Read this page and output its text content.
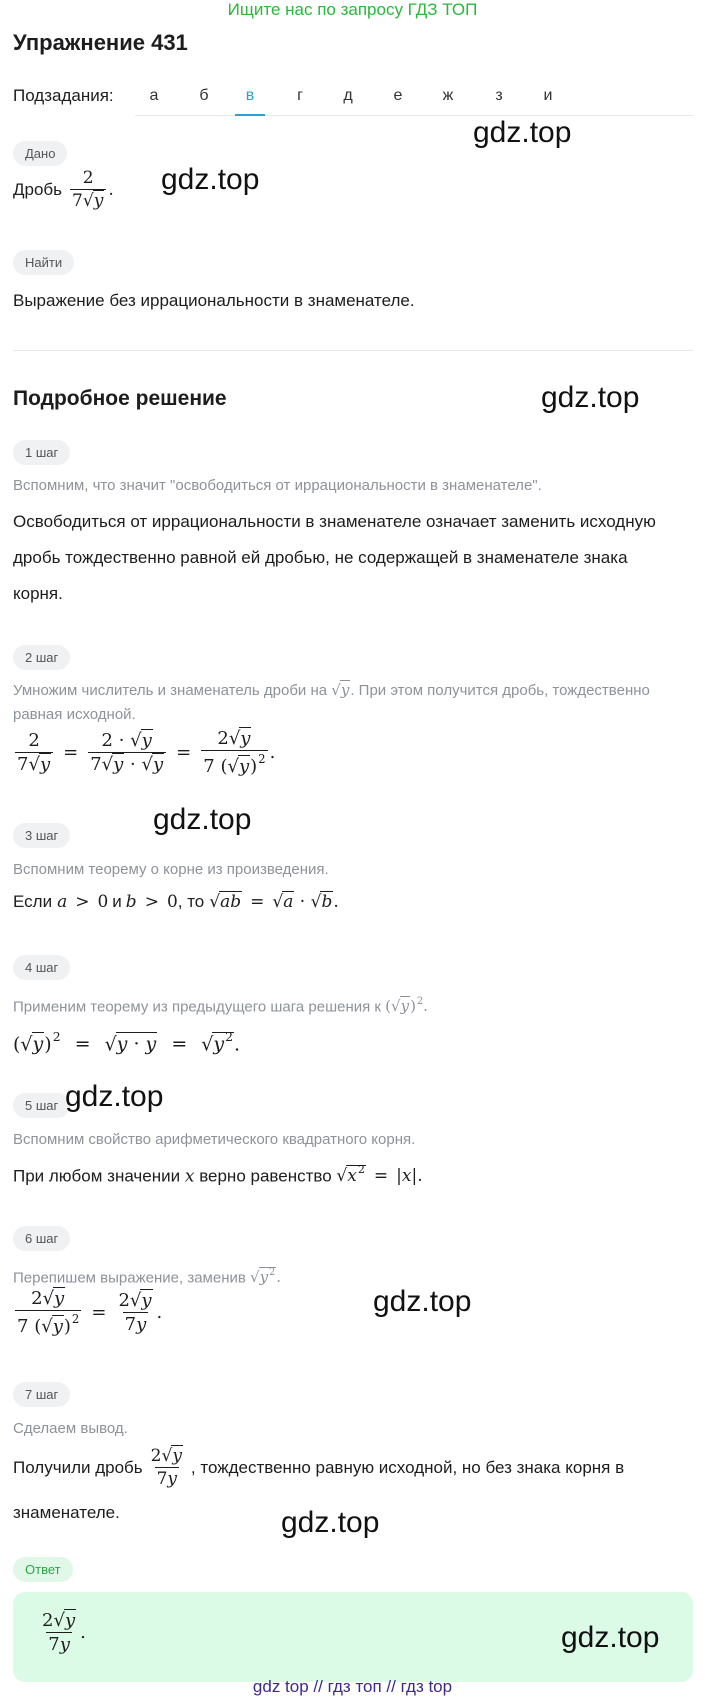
Ищите нас по запросу ГДЗ ТОП
Упражнение 431
Подзадания:	а	б	в	г	д	е	ж	з	и
Дано
Дробь $\frac{2}{7√y}$ .
Найти
Выражение без иррациональности в знаменателе.
Подробное решение
1 шаг
Вспомним, что значит "освободиться от иррациональности в знаменателе".
Освободиться от иррациональности в знаменателе означает заменить исходную дробь тождественно равной ей дробью, не содержащей в знаменателе знака корня.
2 шаг
Умножим числитель и знаменатель дроби на √y. При этом получится дробь, тождественно равная исходной.
$\frac{2}{7√y} = \frac{2 \cdot √y}{7√y \cdot √y} = \frac{2√y}{7 (√y)^2}$ .
3 шаг
Вспомним теорему о корне из произведения.
Если a > 0 и b > 0 , то √ab = √a · √b.
4 шаг
Применим теорему из предыдущего шага решения к $(√y)^2$.
$(√y)^2 = √y \cdot y = √y^2$.
5 шаг
Вспомним свойство арифметического квадратного корня.
При любом значении x верно равенство $√x^2 = |x|$.
6 шаг
Перепишем выражение, заменив $√y^2$.
$\frac{2√y}{7 (√y)^2} = \frac{2√y}{7y}$ .
7 шаг
Сделаем вывод.
Получили дробь $\frac{2√y}{7y}$ , тождественно равную исходной, но без знака корня в
знаменателе.
Ответ
$\frac{2√y}{7y}$ .
gdz.top
gdz.top
gdz.top
gdz.top
gdz.top
gdz.top
gdz.top
gdz.top
gdz top // гдз топ // гдз top
